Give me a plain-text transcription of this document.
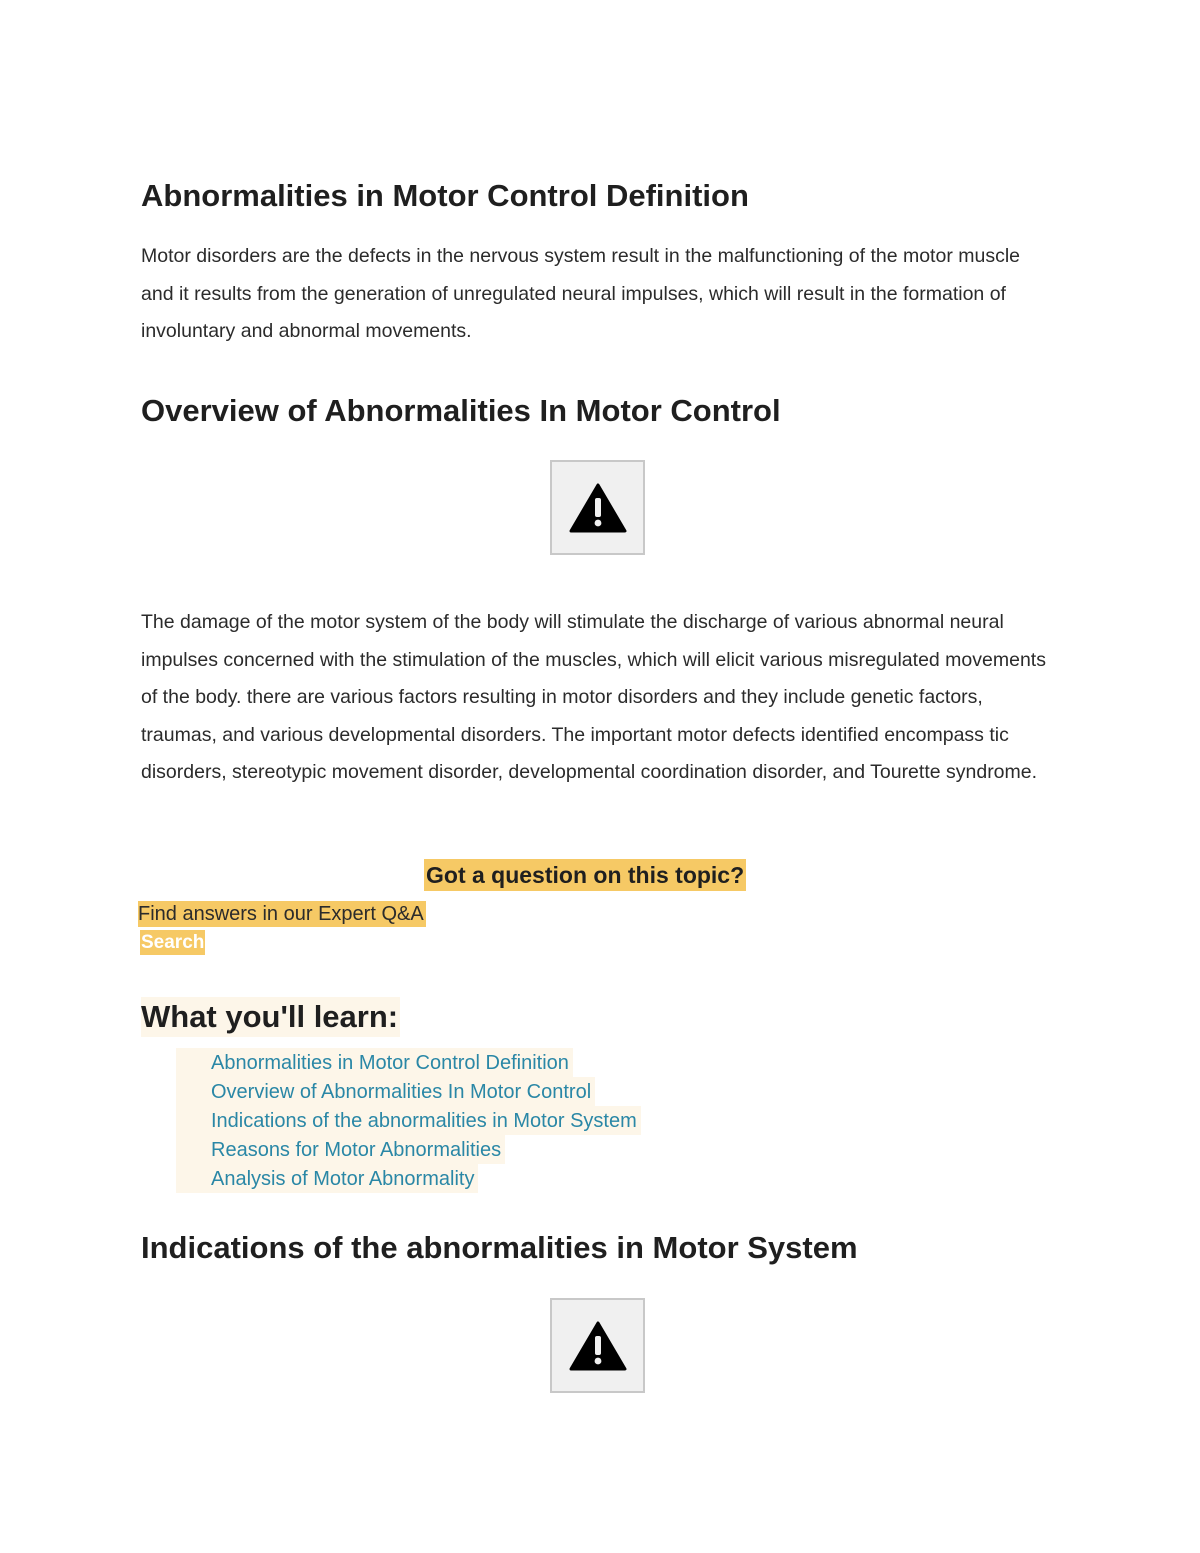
Abnormalities in Motor Control Definition

Motor disorders are the defects in the nervous system result in the malfunctioning of the motor muscle and it results from the generation of unregulated neural impulses, which will result in the formation of involuntary and abnormal movements.

Overview of Abnormalities In Motor Control

The damage of the motor system of the body will stimulate the discharge of various abnormal neural impulses concerned with the stimulation of the muscles, which will elicit various misregulated movements of the body. there are various factors resulting in motor disorders and they include genetic factors, traumas, and various developmental disorders. The important motor defects identified encompass tic disorders, stereotypic movement disorder, developmental coordination disorder, and Tourette syndrome.

Got a question on this topic?
Find answers in our Expert Q&A
Search
What you'll learn:
Abnormalities in Motor Control Definition
Overview of Abnormalities In Motor Control
Indications of the abnormalities in Motor System
Reasons for Motor Abnormalities
Analysis of Motor Abnormality
Indications of the abnormalities in Motor System
